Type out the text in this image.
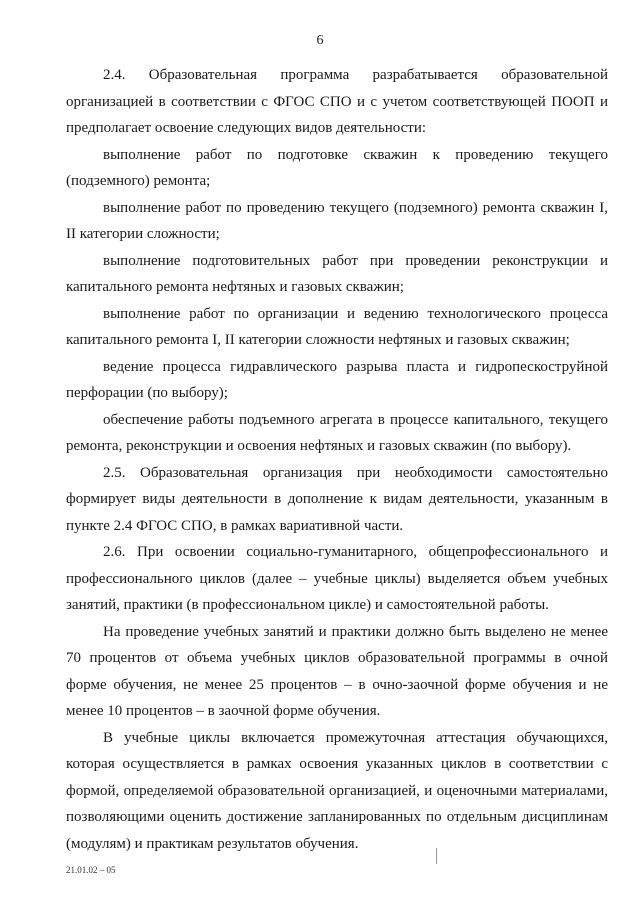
6

2.4. Образовательная программа разрабатывается образовательной организацией в соответствии с ФГОС СПО и с учетом соответствующей ПООП и предполагает освоение следующих видов деятельности:

выполнение работ по подготовке скважин к проведению текущего (подземного) ремонта;

выполнение работ по проведению текущего (подземного) ремонта скважин I, II категории сложности;

выполнение подготовительных работ при проведении реконструкции и капитального ремонта нефтяных и газовых скважин;

выполнение работ по организации и ведению технологического процесса капитального ремонта I, II категории сложности нефтяных и газовых скважин;

ведение процесса гидравлического разрыва пласта и гидропескоструйной перфорации (по выбору);

обеспечение работы подъемного агрегата в процессе капитального, текущего ремонта, реконструкции и освоения нефтяных и газовых скважин (по выбору).

2.5. Образовательная организация при необходимости самостоятельно формирует виды деятельности в дополнение к видам деятельности, указанным в пункте 2.4 ФГОС СПО, в рамках вариативной части.

2.6. При освоении социально-гуманитарного, общепрофессионального и профессионального циклов (далее – учебные циклы) выделяется объем учебных занятий, практики (в профессиональном цикле) и самостоятельной работы.

На проведение учебных занятий и практики должно быть выделено не менее 70 процентов от объема учебных циклов образовательной программы в очной форме обучения, не менее 25 процентов – в очно-заочной форме обучения и не менее 10 процентов – в заочной форме обучения.

В учебные циклы включается промежуточная аттестация обучающихся, которая осуществляется в рамках освоения указанных циклов в соответствии с формой, определяемой образовательной организацией, и оценочными материалами, позволяющими оценить достижение запланированных по отдельным дисциплинам (модулям) и практикам результатов обучения.

21.01.02 – 05
